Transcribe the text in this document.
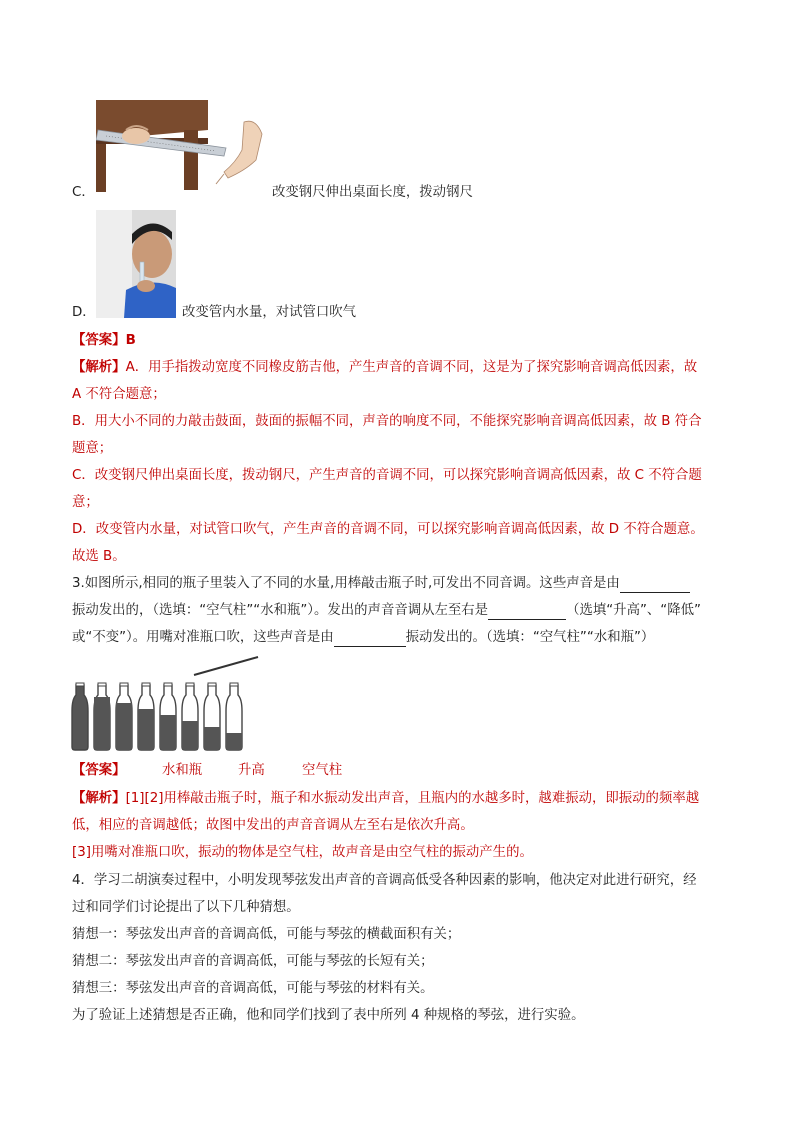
C．	改变钢尺伸出桌面长度，拨动钢尺
D．	改变管内水量，对试管口吹气
【答案】B
【解析】A．用手指拨动宽度不同橡皮筋吉他，产生声音的音调不同，这是为了探究影响音调高低因素，故
A 不符合题意；
B．用大小不同的力敲击鼓面，鼓面的振幅不同，声音的响度不同，不能探究影响音调高低因素，故 B 符合
题意；
C．改变钢尺伸出桌面长度，拨动钢尺，产生声音的音调不同，可以探究影响音调高低因素，故 C 不符合题
意；
D．改变管内水量，对试管口吹气，产生声音的音调不同，可以探究影响音调高低因素，故 D 不符合题意。
故选 B。
3.如图所示,相同的瓶子里装入了不同的水量,用棒敲击瓶子时,可发出不同音调。这些声音是由
振动发出的，（选填：“空气柱”“水和瓶”）。发出的声音音调从左至右是	（选填“升高”、“降低”
或“不变”）。用嘴对准瓶口吹，这些声音是由	振动发出的。（选填：“空气柱”“水和瓶”）
【答案】	水和瓶	升高	空气柱
【解析】[1][2]用棒敲击瓶子时，瓶子和水振动发出声音，且瓶内的水越多时，越难振动，即振动的频率越
低，相应的音调越低；故图中发出的声音音调从左至右是依次升高。
[3]用嘴对准瓶口吹，振动的物体是空气柱，故声音是由空气柱的振动产生的。
4．学习二胡演奏过程中，小明发现琴弦发出声音的音调高低受各种因素的影响，他决定对此进行研究，经
过和同学们讨论提出了以下几种猜想。
猜想一：琴弦发出声音的音调高低，可能与琴弦的横截面积有关；
猜想二：琴弦发出声音的音调高低，可能与琴弦的长短有关；
猜想三：琴弦发出声音的音调高低，可能与琴弦的材料有关。
为了验证上述猜想是否正确，他和同学们找到了表中所列 4 种规格的琴弦，进行实验。
